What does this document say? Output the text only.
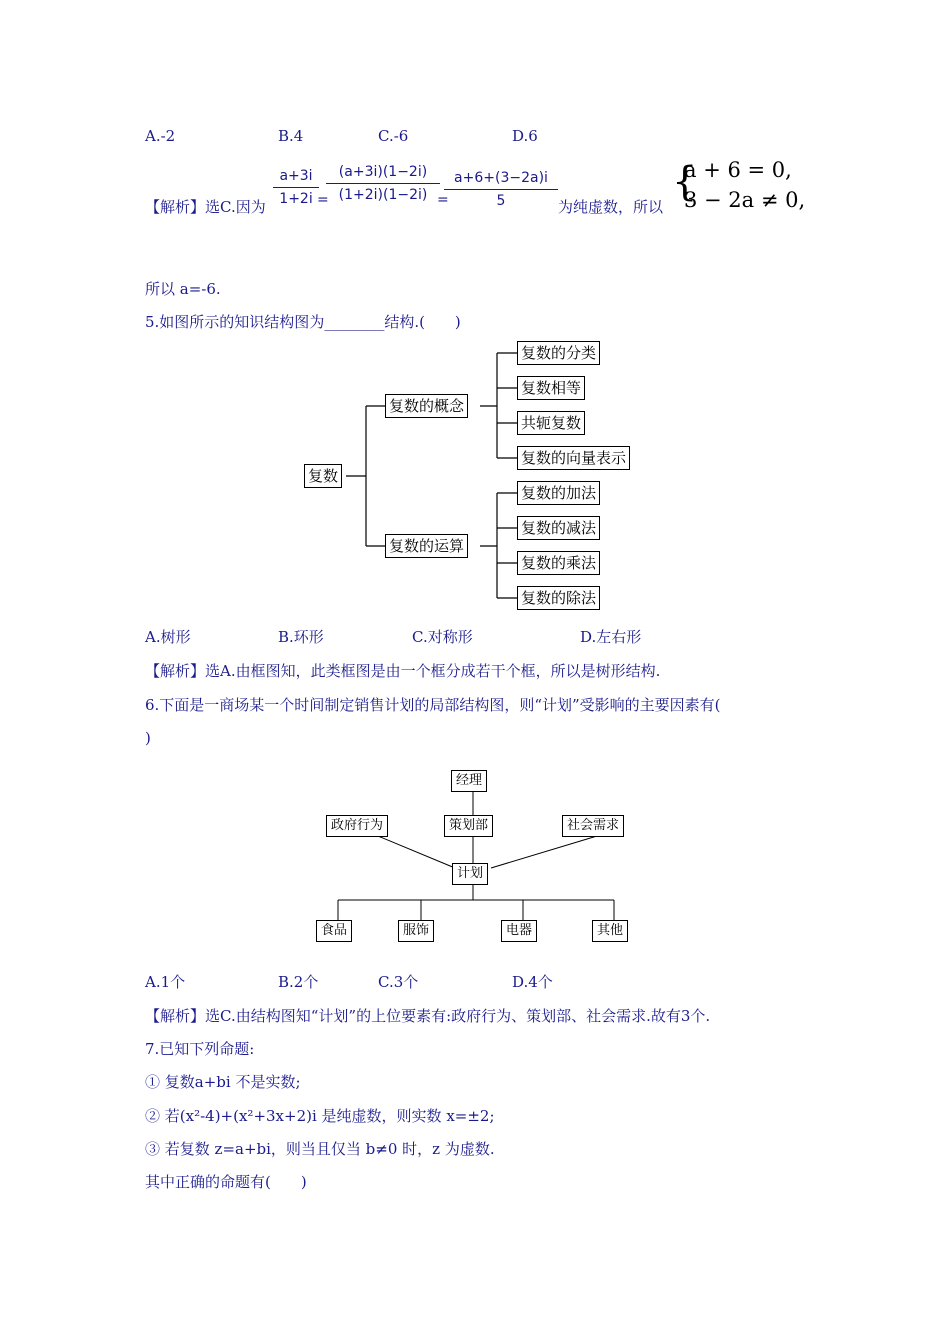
A.-2	B.4	C.-6	D.6
【解析】选C.因为 $\frac{a+3i}{1+2i}$
=
$\frac{(a+3i)(1-2i)}{(1+2i)(1-2i)}$
=
$\frac{a+6+(3-2a)i}{5}$ 为纯虚数，所以
{
a + 6 = 0,
3 − 2a ≠ 0,
所以 a=-6.
5.如图所示的知识结构图为________结构.(　　)
复数
复数的概念
复数的运算
复数的分类
复数相等
共轭复数
复数的向量表示
复数的加法
复数的减法
复数的乘法
复数的除法
A.树形	B.环形	C.对称形	D.左右形
【解析】选A.由框图知，此类框图是由一个框分成若干个框，所以是树形结构.
6.下面是一商场某一个时间制定销售计划的局部结构图，则“计划”受影响的主要因素有(
)
经理
政府行为	策划部	社会需求
计划
食品	服饰	电器	其他
A.1个	B.2个	C.3个	D.4个
【解析】选C.由结构图知“计划”的上位要素有:政府行为、策划部、社会需求.故有3个.
7.已知下列命题:
① 复数a+bi 不是实数;
② 若(x²-4)+(x²+3x+2)i 是纯虚数，则实数 x=±2;
③ 若复数 z=a+bi，则当且仅当 b≠0 时，z 为虚数.
其中正确的命题有(　　)
